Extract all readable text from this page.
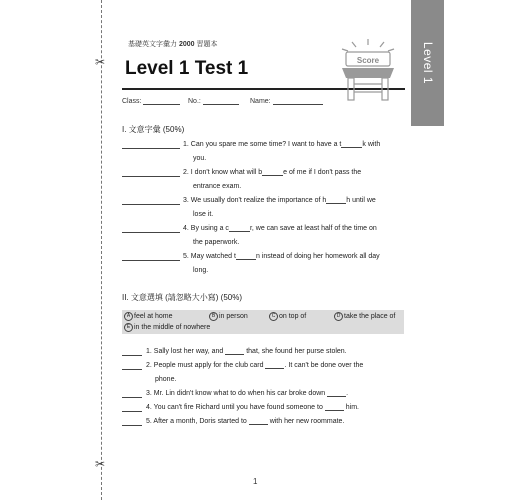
✂
✂
Level 1
基礎英文字彙力 2000 習題本
Level 1 Test 1	Score
Class:	No.:	Name:
I. 文意字彙 (50%)
1. Can you spare me some time? I want to have a t	k with
you.
2. I don't know what will b	e of me if I don't pass the
entrance exam.
3. We usually don't realize the importance of h	h until we
lose it.
4. By using a c	r, we can save at least half of the time on
the paperwork.
5. May watched t	n instead of doing her homework all day
long.
II. 文意選填 (請忽略大小寫) (50%)
A feel at home	B in person	C on top of	D take the place of
E in the middle of nowhere
1. Sally lost her way, and	that, she found her purse stolen.
2. People must apply for the club card	. It can't be done over the
phone.
3. Mr. Lin didn't know what to do when his car broke down	.
4. You can't fire Richard until you have found someone to	him.
5. After a month, Doris started to	with her new roommate.
1
